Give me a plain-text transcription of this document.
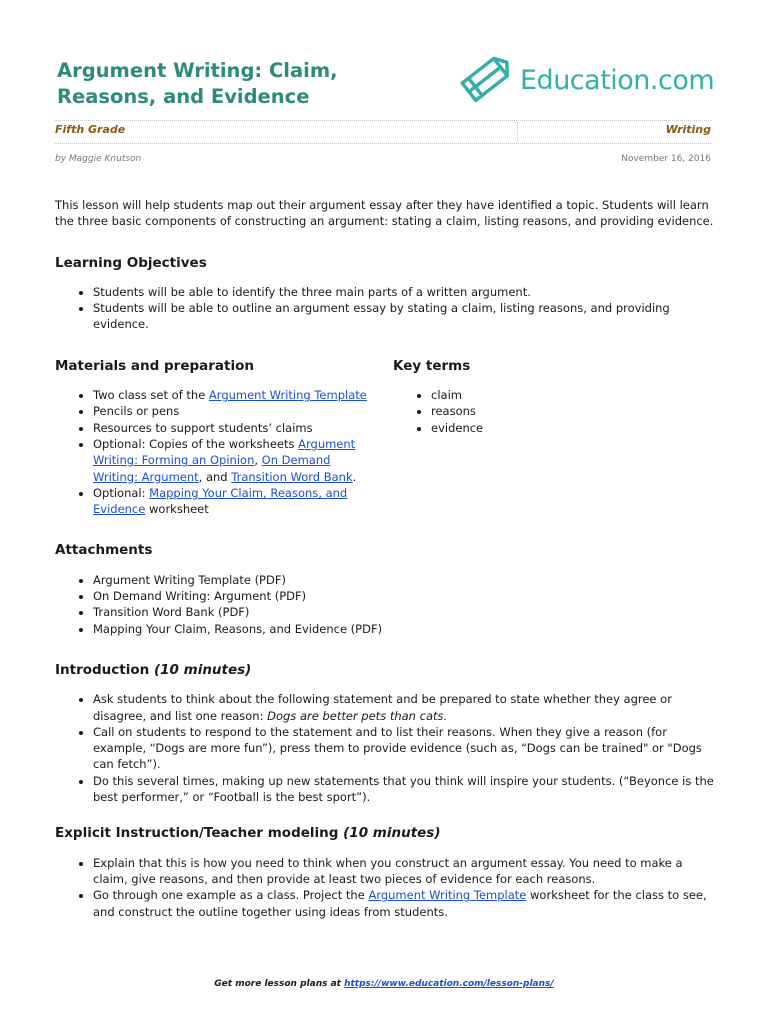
Argument Writing: Claim,
Reasons, and Evidence
Education.com
Fifth Grade	Writing
by Maggie Knutson	November 16, 2016

This lesson will help students map out their argument essay after they have identified a topic. Students will learn the three basic components of constructing an argument: stating a claim, listing reasons, and providing evidence.

Learning Objectives
• Students will be able to identify the three main parts of a written argument.
• Students will be able to outline an argument essay by stating a claim, listing reasons, and providing evidence.
Materials and preparation
• Two class set of the Argument Writing Template
• Pencils or pens
• Resources to support students’ claims
• Optional: Copies of the worksheets Argument Writing: Forming an Opinion, On Demand Writing: Argument, and Transition Word Bank.
• Optional: Mapping Your Claim, Reasons, and Evidence worksheet
Key terms
• claim
• reasons
• evidence
Attachments
• Argument Writing Template (PDF)
• On Demand Writing: Argument (PDF)
• Transition Word Bank (PDF)
• Mapping Your Claim, Reasons, and Evidence (PDF)
Introduction (10 minutes)
• Ask students to think about the following statement and be prepared to state whether they agree or disagree, and list one reason: Dogs are better pets than cats.
• Call on students to respond to the statement and to list their reasons. When they give a reason (for example, “Dogs are more fun”), press them to provide evidence (such as, “Dogs can be trained" or "Dogs can fetch”).
• Do this several times, making up new statements that you think will inspire your students. (“Beyonce is the best performer,” or “Football is the best sport”).
Explicit Instruction/Teacher modeling (10 minutes)
• Explain that this is how you need to think when you construct an argument essay. You need to make a claim, give reasons, and then provide at least two pieces of evidence for each reasons.
• Go through one example as a class. Project the Argument Writing Template worksheet for the class to see, and construct the outline together using ideas from students.
Get more lesson plans at https://www.education.com/lesson-plans/
